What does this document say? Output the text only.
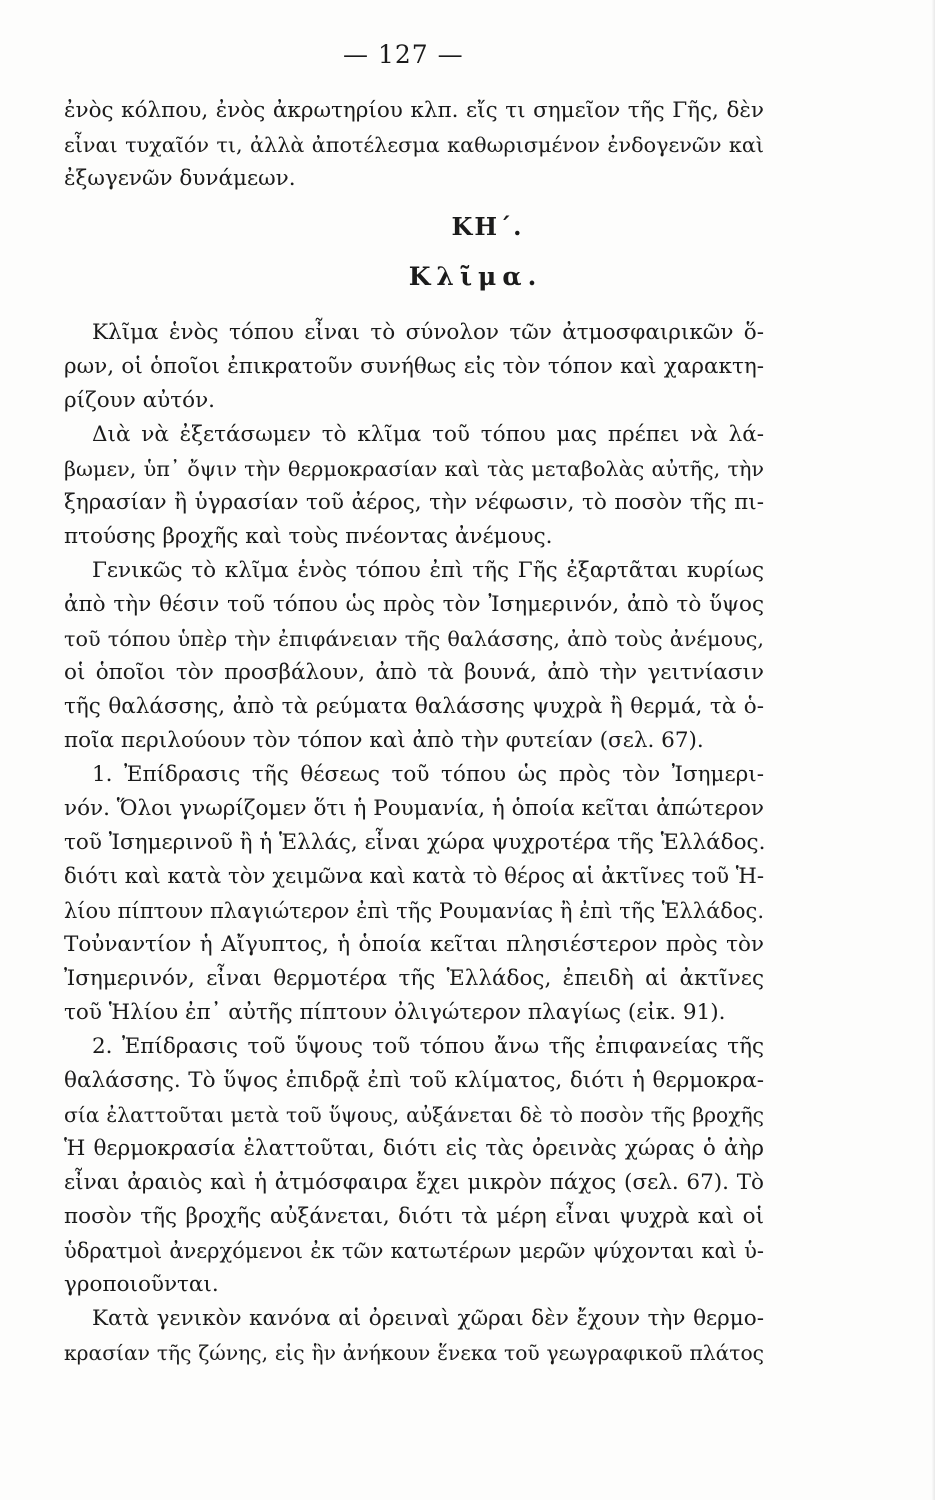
— 127 —
ΚΗ΄.
Κλῖμα.
ἐνὸς κόλπου, ἐνὸς ἀκρωτηρίου κλπ. εἴς τι σημεῖον τῆς Γῆς, δὲν
εἶναι τυχαῖόν τι, ἀλλὰ ἀποτέλεσμα καθωρισμένον ἐνδογενῶν καὶ
ἐξωγενῶν δυνάμεων.
Κλῖμα ἑνὸς τόπου εἶναι τὸ σύνολον τῶν ἀτμοσφαιρικῶν ὅ-
ρων, οἱ ὁποῖοι ἐπικρατοῦν συνήθως εἰς τὸν τόπον καὶ χαρακτη-
ρίζουν αὐτόν.
Διὰ νὰ ἐξετάσωμεν τὸ κλῖμα τοῦ τόπου μας πρέπει νὰ λά-
βωμεν, ὑπ᾿ ὄψιν τὴν θερμοκρασίαν καὶ τὰς μεταβολὰς αὐτῆς, τὴν
ξηρασίαν ἢ ὑγρασίαν τοῦ ἀέρος, τὴν νέφωσιν, τὸ ποσὸν τῆς πι-
πτούσης βροχῆς καὶ τοὺς πνέοντας ἀνέμους.
Γενικῶς τὸ κλῖμα ἑνὸς τόπου ἐπὶ τῆς Γῆς ἐξαρτᾶται κυρίως
ἀπὸ τὴν θέσιν τοῦ τόπου ὡς πρὸς τὸν Ἰσημερινόν, ἀπὸ τὸ ὕψος
τοῦ τόπου ὑπὲρ τὴν ἐπιφάνειαν τῆς θαλάσσης, ἀπὸ τοὺς ἀνέμους,
οἱ ὁποῖοι τὸν προσβάλουν, ἀπὸ τὰ βουνά, ἀπὸ τὴν γειτνίασιν
τῆς θαλάσσης, ἀπὸ τὰ ρεύματα θαλάσσης ψυχρὰ ἢ θερμά, τὰ ὁ-
ποῖα περιλούουν τὸν τόπον καὶ ἀπὸ τὴν φυτείαν (σελ. 67).
1. Ἐπίδρασις τῆς θέσεως τοῦ τόπου ὡς πρὸς τὸν Ἰσημερι-
νόν. Ὅλοι γνωρίζομεν ὅτι ἡ Ρουμανία, ἡ ὁποία κεῖται ἀπώτερον
τοῦ Ἰσημερινοῦ ἢ ἡ Ἑλλάς, εἶναι χώρα ψυχροτέρα τῆς Ἑλλάδος.
διότι καὶ κατὰ τὸν χειμῶνα καὶ κατὰ τὸ θέρος αἱ ἀκτῖνες τοῦ Ἡ-
λίου πίπτουν πλαγιώτερον ἐπὶ τῆς Ρουμανίας ἢ ἐπὶ τῆς Ἑλλάδος.
Τοὐναντίον ἡ Αἴγυπτος, ἡ ὁποία κεῖται πλησιέστερον πρὸς τὸν
Ἰσημερινόν, εἶναι θερμοτέρα τῆς Ἑλλάδος, ἐπειδὴ αἱ ἀκτῖνες
τοῦ Ἡλίου ἐπ᾿ αὐτῆς πίπτουν ὀλιγώτερον πλαγίως (εἰκ. 91).
2. Ἐπίδρασις τοῦ ὕψους τοῦ τόπου ἄνω τῆς ἐπιφανείας τῆς
θαλάσσης. Τὸ ὕψος ἐπιδρᾷ ἐπὶ τοῦ κλίματος, διότι ἡ θερμοκρα-
σία ἐλαττοῦται μετὰ τοῦ ὕψους, αὐξάνεται δὲ τὸ ποσὸν τῆς βροχῆς
Ἡ θερμοκρασία ἐλαττοῦται, διότι εἰς τὰς ὀρεινὰς χώρας ὁ ἀὴρ
εἶναι ἀραιὸς καὶ ἡ ἀτμόσφαιρα ἔχει μικρὸν πάχος (σελ. 67). Τὸ
ποσὸν τῆς βροχῆς αὐξάνεται, διότι τὰ μέρη εἶναι ψυχρὰ καὶ οἱ
ὑδρατμοὶ ἀνερχόμενοι ἐκ τῶν κατωτέρων μερῶν ψύχονται καὶ ὑ-
γροποιοῦνται.
Κατὰ γενικὸν κανόνα αἱ ὀρειναὶ χῶραι δὲν ἔχουν τὴν θερμο-
κρασίαν τῆς ζώνης, εἰς ἣν ἀνήκουν ἕνεκα τοῦ γεωγραφικοῦ πλάτος
